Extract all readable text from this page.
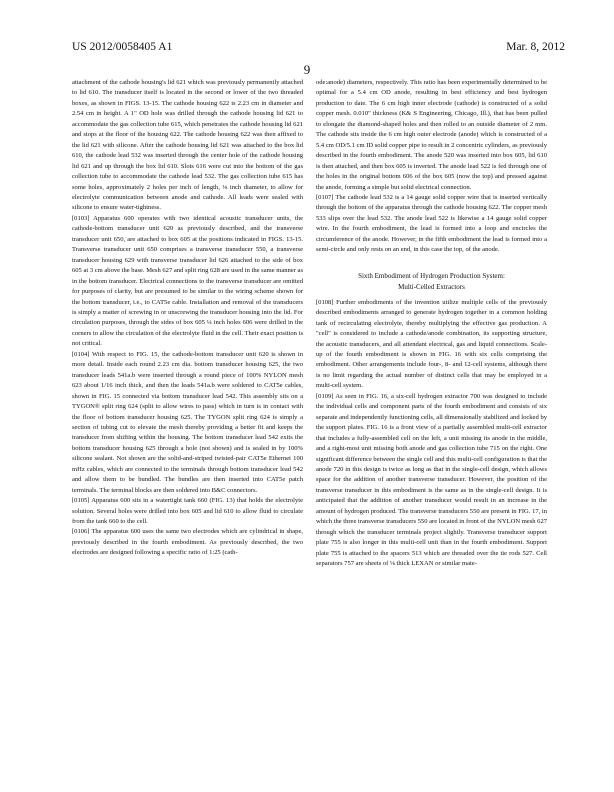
US 2012/0058405 A1	Mar. 8, 2012
9

attachment of the cathode housing's lid 621 which was previously permanently attached to lid 610. The transducer itself is located in the second or lower of the two threaded boxes, as shown in FIGS. 13-15. The cathode housing 622 is 2.23 cm in diameter and 2.54 cm in height. A 1" OD hole was drilled through the cathode housing lid 621 to accommodate the gas collection tube 615, which penetrates the cathode housing lid 621 and stops at the floor of the housing 622. The cathode housing 622 was then affixed to the lid 621 with silicone. After the cathode housing lid 621 was attached to the box lid 610, the cathode lead 532 was inserted through the center hole of the cathode housing lid 621 and up through the box lid 610. Slots 616 were cut into the bottom of the gas collection tube to accommodate the cathode lead 532. The gas collection tube 615 has some holes, approximately 2 holes per inch of length, ⅛ inch diameter, to allow for electrolyte communication between anode and cathode. All leads were sealed with silicone to ensure water-tightness.

[0103] Apparatus 600 operates with two identical acoustic transducer units, the cathode-bottom transducer unit 620 as previously described, and the transverse transducer unit 650, are attached to box 605 at the positions indicated in FIGS. 13-15. Transverse transducer unit 650 comprises a transverse transducer 550, a transverse transducer housing 629 with transverse transducer lid 626 attached to the side of box 605 at 3 cm above the base. Mesh 627 and split ring 628 are used in the same manner as in the bottom transducer. Electrical connections to the transverse transducer are omitted for purposes of clarity, but are presumed to be similar to the wiring scheme shown for the bottom transducer, i.e., to CAT5e cable. Installation and removal of the transducers is simply a matter of screwing in or unscrewing the transducer housing into the lid. For circulation purposes, through the sides of box 605 ¼ inch holes 606 were drilled in the corners to allow the circulation of the electrolyte fluid in the cell. Their exact position is not critical.

[0104] With respect to FIG. 15, the cathode-bottom transducer unit 620 is shown in more detail. Inside each round 2.23 cm dia. bottom transducer housing 625, the two transducer leads 541a.b were inserted through a round piece of 100% NYLON mesh 623 about 1/16 inch thick, and then the leads 541a.b were soldered to CAT5e cables, shown in FIG. 15 connected via bottom transducer lead 542. This assembly sits on a TYGON® split ring 624 (split to allow wires to pass) which in turn is in contact with the floor of bottom transducer housing 625. The TYGON split ring 624 is simply a section of tubing cut to elevate the mesh thereby providing a better fit and keeps the transducer from shifting within the housing. The bottom transducer lead 542 exits the bottom transducer housing 625 through a hole (not shown) and is sealed in by 100% silicone sealant. Not shown are the solid-and-striped twisted-pair CAT5e Ethernet 100 mHz cables, which are connected to the terminals through bottom transducer lead 542 and allow them to be bundled. The bundles are then inserted into CAT5e patch terminals. The terminal blocks are then soldered into B&C connectors.

[0105] Apparatus 600 sits in a watertight tank 660 (FIG. 13) that holds the electrolyte solution. Several holes were drilled into box 605 and lid 610 to allow fluid to circulate from the tank 660 to the cell.

[0106] The apparatus 600 uses the same two electrodes which are cylindrical in shape, previously described in the fourth embodiment. As previously described, the two electrodes are designed following a specific ratio of 1:25 (cath-

ode:anode) diameters, respectively. This ratio has been experimentally determined to be optimal for a 5.4 cm OD anode, resulting in best efficiency and best hydrogen production to date. The 6 cm high inner electrode (cathode) is constructed of a solid copper mesh. 0.010" thickness (K& S Engineering, Chicago, Ill.), that has been pulled to elongate the diamond-shaped holes and then rolled to an outside diameter of 2 mm. The cathode sits inside the 6 cm high outer electrode (anode) which is constructed of a 5.4 cm OD/5.1 cm ID solid copper pipe to result in 2 concentric cylinders, as previously described in the fourth embodiment. The anode 520 was inserted into box 605, lid 610 is then attached, and then box 605 is inverted. The anode lead 522 is fed through one of the holes in the original bottom 606 of the box 605 (now the top) and pressed against the anode, forming a simple but solid electrical connection.

[0107] The cathode lead 532 is a 14 gauge solid copper wire that is inserted vertically through the bottom of the apparatus through the cathode housing 622. The copper mesh 533 slips over the lead 532. The anode lead 522 is likewise a 14 gauge solid copper wire. In the fourth embodiment, the lead is formed into a loop and encircles the circumference of the anode. However, in the fifth embodiment the lead is formed into a semi-circle and only rests on an end, in this case the top, of the anode.

Sixth Embodiment of Hydrogen Production System:
Multi-Celled Extractors

[0108] Further embodiments of the invention utilize multiple cells of the previously described embodiments arranged to generate hydrogen together in a common holding tank of recirculating electrolyte, thereby multiplying the effective gas production. A "cell" is considered to include a cathode/anode combination, its supporting structure, the acoustic transducers, and all attendant electrical, gas and liquid connections. Scale-up of the fourth embodiment is shown in FIG. 16 with six cells comprising the embodiment. Other arrangements include four-, 8- and 12-cell systems, although there is no limit regarding the actual number of distinct cells that may be employed in a multi-cell system.

[0109] As seen in FIG. 16, a six-cell hydrogen extractor 700 was designed to include the individual cells and component parts of the fourth embodiment and consists of six separate and independently functioning cells, all dimensionally stabilized and locked by the support plates. FIG. 16 is a front view of a partially assembled multi-cell extractor that includes a fully-assembled cell on the left, a unit missing its anode in the middle, and a right-most unit missing both anode and gas collection tube 715 on the right. One significant difference between the single cell and this multi-cell configuration is that the anode 720 in this design is twice as long as that in the single-cell design, which allows space for the addition of another transverse transducer. However, the position of the transverse transducer in this embodiment is the same as in the single-cell design. It is anticipated that the addition of another transducer would result in an increase in the amount of hydrogen produced. The transverse transducers 550 are present in FIG. 17, in which the three transverse transducers 550 are located in front of the NYLON mesh 627 through which the transducer terminals project slightly. Transverse transducer support plate 755 is also longer in this multi-cell unit than in the fourth embodiment. Support plate 755 is attached to the spacers 513 which are threaded over the tie rods 527. Cell separators 757 are sheets of ⅛ thick LEXAN or similar mate-
